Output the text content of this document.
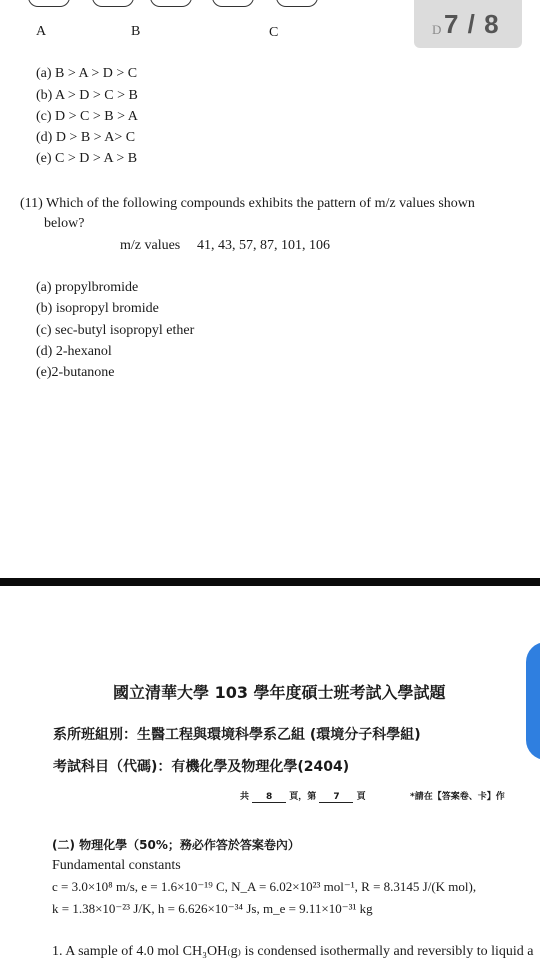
A	B	C	D 7 / 8
(a) B > A > D > C
(b) A > D > C > B
(c) D > C > B > A
(d) D > B > A> C
(e) C > D > A > B
(11) Which of the following compounds exhibits the pattern of m/z values shown
below?
m/z values 41, 43, 57, 87, 101, 106
(a) propylbromide
(b) isopropyl bromide
(c) sec-butyl isopropyl ether
(d) 2-hexanol
(e)2-butanone
國立清華大學 103 學年度碩士班考試入學試題
系所班組別：生醫工程與環境科學系乙組 (環境分子科學組)
考試科目（代碼)：有機化學及物理化學(2404)
共 8 頁，第 7 頁	*請在【答案卷、卡】作
(二) 物理化學（50%；務必作答於答案卷內）
Fundamental constants
c = 3.0×10⁸ m/s, e = 1.6×10⁻¹⁹ C, N_A = 6.02×10²³ mol⁻¹, R = 8.3145 J/(K mol),
k = 1.38×10⁻²³ J/K, h = 6.626×10⁻³⁴ Js, m_e = 9.11×10⁻³¹ kg
1. A sample of 4.0 mol CH₃OH₍g₎ is condensed isothermally and reversibly to liquid a
